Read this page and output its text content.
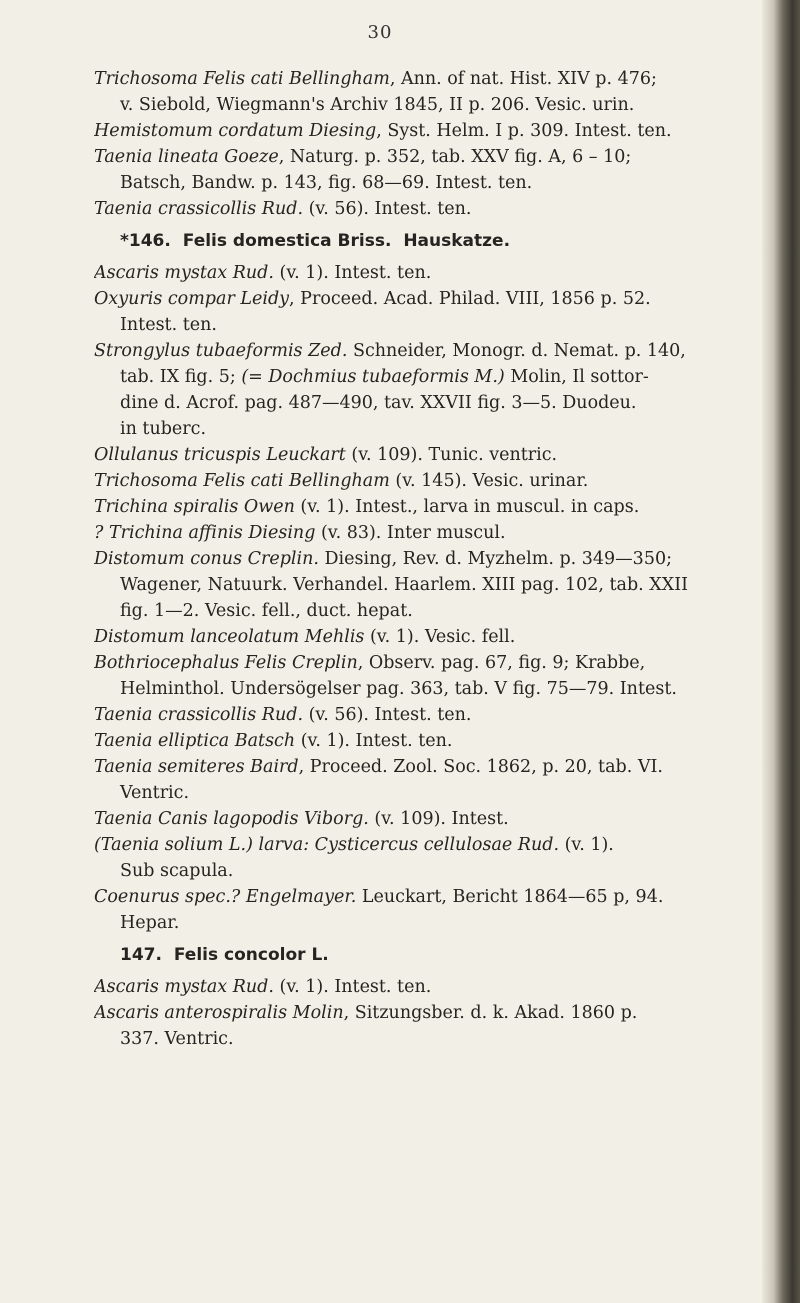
30
Trichosoma Felis cati Bellingham, Ann. of nat. Hist. XIV p. 476;
v. Siebold, Wiegmann's Archiv 1845, II p. 206. Vesic. urin.
Hemistomum cordatum Diesing, Syst. Helm. I p. 309. Intest. ten.
Taenia lineata Goeze, Naturg. p. 352, tab. XXV fig. A, 6 – 10;
Batsch, Bandw. p. 143, fig. 68—69. Intest. ten.
Taenia crassicollis Rud. (v. 56). Intest. ten.
*146. Felis domestica Briss. Hauskatze.
Ascaris mystax Rud. (v. 1). Intest. ten.
Oxyuris compar Leidy, Proceed. Acad. Philad. VIII, 1856 p. 52.
Intest. ten.
Strongylus tubaeformis Zed. Schneider, Monogr. d. Nemat. p. 140,
tab. IX fig. 5; (= Dochmius tubaeformis M.) Molin, Il sottor-
dine d. Acrof. pag. 487—490, tav. XXVII fig. 3—5. Duodeu.
in tuberc.
Ollulanus tricuspis Leuckart (v. 109). Tunic. ventric.
Trichosoma Felis cati Bellingham (v. 145). Vesic. urinar.
Trichina spiralis Owen (v. 1). Intest., larva in muscul. in caps.
? Trichina affinis Diesing (v. 83). Inter muscul.
Distomum conus Creplin. Diesing, Rev. d. Myzhelm. p. 349—350;
Wagener, Natuurk. Verhandel. Haarlem. XIII pag. 102, tab. XXII
fig. 1—2. Vesic. fell., duct. hepat.
Distomum lanceolatum Mehlis (v. 1). Vesic. fell.
Bothriocephalus Felis Creplin, Observ. pag. 67, fig. 9; Krabbe,
Helminthol. Undersögelser pag. 363, tab. V fig. 75—79. Intest.
Taenia crassicollis Rud. (v. 56). Intest. ten.
Taenia elliptica Batsch (v. 1). Intest. ten.
Taenia semiteres Baird, Proceed. Zool. Soc. 1862, p. 20, tab. VI.
Ventric.
Taenia Canis lagopodis Viborg. (v. 109). Intest.
(Taenia solium L.) larva: Cysticercus cellulosae Rud. (v. 1).
Sub scapula.
Coenurus spec.? Engelmayer. Leuckart, Bericht 1864—65 p, 94.
Hepar.
147. Felis concolor L.
Ascaris mystax Rud. (v. 1). Intest. ten.
Ascaris anterospiralis Molin, Sitzungsber. d. k. Akad. 1860 p.
337. Ventric.
